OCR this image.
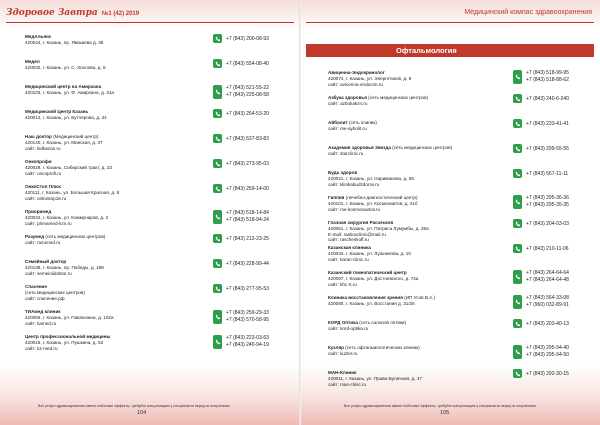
Здоровое Завтра №1 (42) 2019	Медицинский компас здравоохранения
МедАльянс
420044, г. Казань, пр. Ямашева д. 36
+7 (843) 200-08-93
Медел
420032, г. Казань, ул. С. Хохлова, д. 5
+7 (843) 554-08-40
Медицинский центр на Амирхана
420103, г. Казань, ул. Ф. Амирхана, д. 31а
+7 (843) 521-55-22
+7 (843) 225-08-58
Медицинский Центр Казань
420012, г. Казань, ул. Бутлерова, д. 44
+7 (843) 264-53-20
Наш доктор (Медицинский центр)
420140, г. Казань, ул. Минская, д. 37
сайт: kidkazan.ru
+7 (843) 537-83-83
Онкопрофи
420029, г. Казань, Сибирский тракт, д. 23
сайт: oncoprofi.ru
+7 (843) 273-95-03
ОнкоСтоп Плюс
420111, г. Казань, ул. Большая Красная, д. 8
сайт: onkostop16.ru
+7 (843) 259-14-00
Приоримед
420034, г. Казань, ул. Коммунаров, д. 2
сайт: primamed-kzn.ru
+7 (843) 518-14-84
+7 (843) 518-94-24
Разумед (сеть медицинских центров)
сайт: razumed.ru
+7 (843) 212-23-25
Семейный доктор
420138, г. Казань, пр. Победы, д. 188
сайт: semeiniidoktor.ru
+7 (843) 228-99-44
Спасение
(сеть медицинских центров)
сайт: спасение.рф
+7 (843) 277-95-53
ТИАмед клиник
420059, г. Казань, ул. Павлюхина, д. 102а
сайт: tiamed.ru
+7 (843) 259-29-33
+7 (843) 570-58-95
Центр профессиональной медицины
420015, г. Казань, ул. Пушкина, д. 52
сайт: kz-med.ru
+7 (843) 223-03-63
+7 (843) 240-94-19
Офтальмология
Авиценна-Эндокринолог
420074, г. Казань, ул. Энергетиков, д. 9
сайт: avicenna-endocrin.ru
+7 (843) 518-99-95
+7 (843) 518-88-62
Азбука здоровья (сеть медицинских центров)
сайт: azbukakzn.ru
+7 (843) 240-6-240
Айболит (сеть клиник)
сайт: me-aybolit.ru
+7 (843) 233-41-41
Академия здоровья Звезда (сеть медицинских центров)
сайт: starclinic.ru
+7 (843) 299-55-55
Будь здоров
420021, г. Казань, ул. Нариманова, д. 65
сайт: klinikabudzdorov.ru
+7 (843) 567-11-11
Гиппия (лечебно-диагностический центр)
420101, г. Казань, ул. Космонавтов, д. 41б
сайт: me-kosmonavtov.ru
+7 (843) 295-36-36
+7 (843) 295-35-35
Глазная хирургия Расческов
420061, г. Казань, ул. Патриса Лумумбы, д. 28а
E-mail: raskovclinic@mail.ru
сайт: rascheskoff.ru
+7 (843) 204-03-03
Казанская клиника
420034, г. Казань, ул. Лушникова, д. 10
сайт: karan-clinic.ru
+7 (843) 210-11-06
Казанский гомеопатический центр
420097, г. Казань, ул. Достоевского, д. 74а
сайт: khc-rt.ru
+7 (843) 264-64-64
+7 (843) 264-64-48
Клиника восстановления зрения (ИП Усов В.А.)
420080, г. Казань, ул. Восстания д. 31/26
+7 (843) 564-33-08
+7 (960) 032-89-91
КОРД Оптика (сеть салонов оптики)
сайт: kord-optika.ru
+7 (843) 203-40-13
Кузляр (сеть офтальмологических клиник)
сайт: kuzler.ru
+7 (843) 295-94-40
+7 (843) 295-94-50
МАН-Клиник
420011, г. Казань, ул. Право-Булачная, д. 47
сайт: man-clinic.ru
+7 (843) 292-30-15
Все услуги здравоохранения имеют побочные эффекты, требуйте консультацию у специалиста перед их получением	Все услуги здравоохранения имеют побочные эффекты, требуйте консультацию у специалиста перед их получением
104	105
